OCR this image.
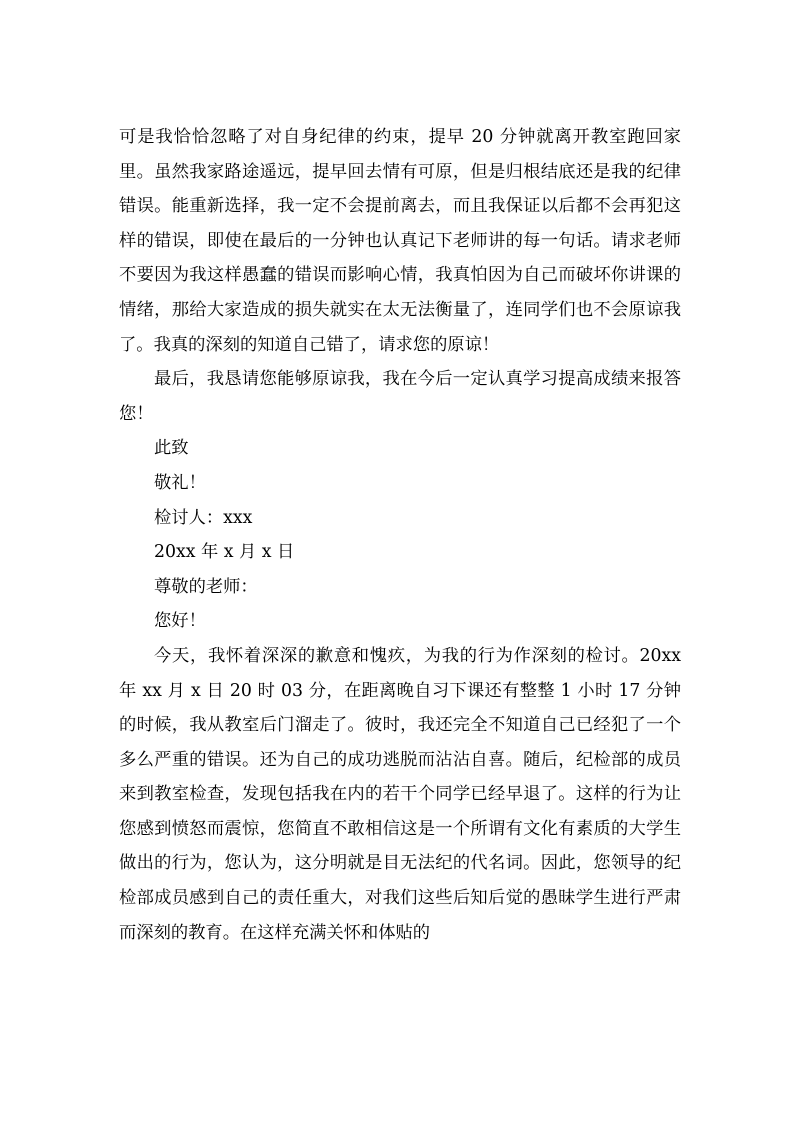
可是我恰恰忽略了对自身纪律的约束，提早 20 分钟就离开教室跑回家里。虽然我家路途遥远，提早回去情有可原，但是归根结底还是我的纪律错误。能重新选择，我一定不会提前离去，而且我保证以后都不会再犯这样的错误，即使在最后的一分钟也认真记下老师讲的每一句话。请求老师不要因为我这样愚蠢的错误而影响心情，我真怕因为自己而破坏你讲课的情绪，那给大家造成的损失就实在太无法衡量了，连同学们也不会原谅我了。我真的深刻的知道自己错了，请求您的原谅！

最后，我恳请您能够原谅我，我在今后一定认真学习提高成绩来报答您！

此致

敬礼！

检讨人：xxx

20xx 年 x 月 x 日

尊敬的老师：

您好！

今天，我怀着深深的歉意和愧疚，为我的行为作深刻的检讨。20xx 年 xx 月 x 日 20 时 03 分，在距离晚自习下课还有整整 1 小时 17 分钟的时候，我从教室后门溜走了。彼时，我还完全不知道自己已经犯了一个多么严重的错误。还为自己的成功逃脱而沾沾自喜。随后，纪检部的成员来到教室检查，发现包括我在内的若干个同学已经早退了。这样的行为让您感到愤怒而震惊，您简直不敢相信这是一个所谓有文化有素质的大学生做出的行为，您认为，这分明就是目无法纪的代名词。因此，您领导的纪检部成员感到自己的责任重大，对我们这些后知后觉的愚昧学生进行严肃而深刻的教育。在这样充满关怀和体贴的
